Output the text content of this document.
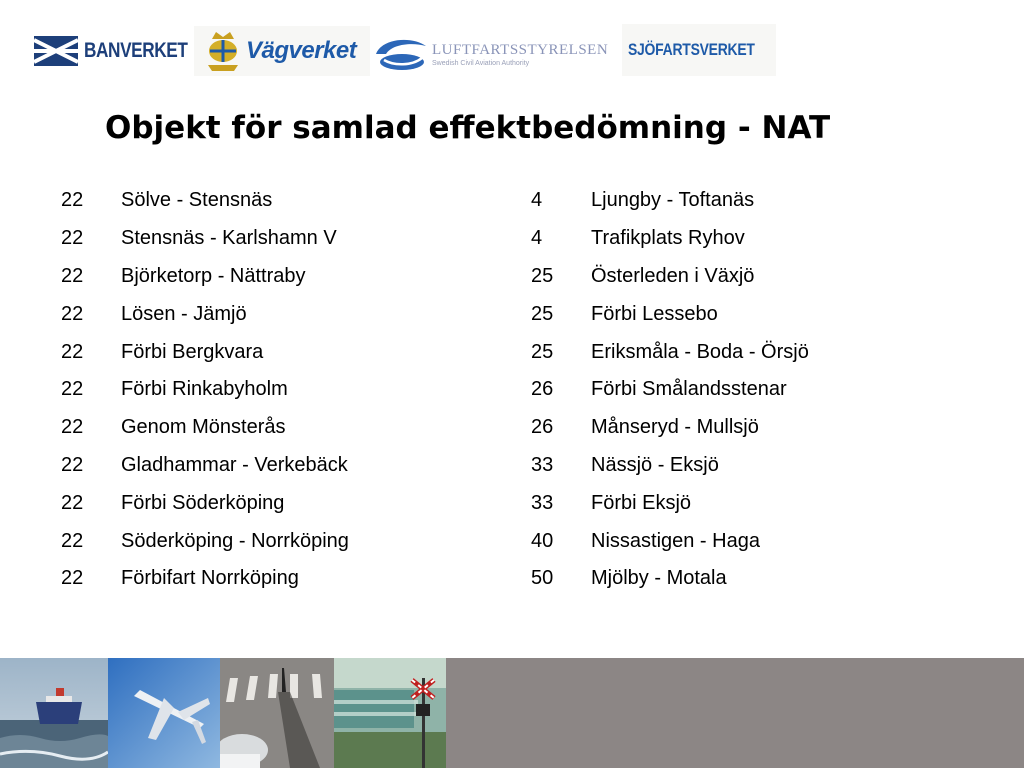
BANVERKET Vägverket	LUFTFARTSSTYRELSEN
Swedish Civil Aviation Authority
SJÖFARTSVERKET
Objekt för samlad effektbedömning - NAT
22	Sölve - Stensnäs
22	Stensnäs - Karlshamn V
22	Björketorp - Nättraby
22	Lösen - Jämjö
22	Förbi Bergkvara
22	Förbi Rinkabyholm
22	Genom Mönsterås
22	Gladhammar - Verkebäck
22	Förbi Söderköping
22	Söderköping - Norrköping
22	Förbifart Norrköping
4	Ljungby - Toftanäs
4	Trafikplats Ryhov
25	Österleden i Växjö
25	Förbi Lessebo
25	Eriksmåla - Boda - Örsjö
26	Förbi Smålandsstenar
26	Månseryd - Mullsjö
33	Nässjö - Eksjö
33	Förbi Eksjö
40	Nissastigen - Haga
50	Mjölby - Motala
